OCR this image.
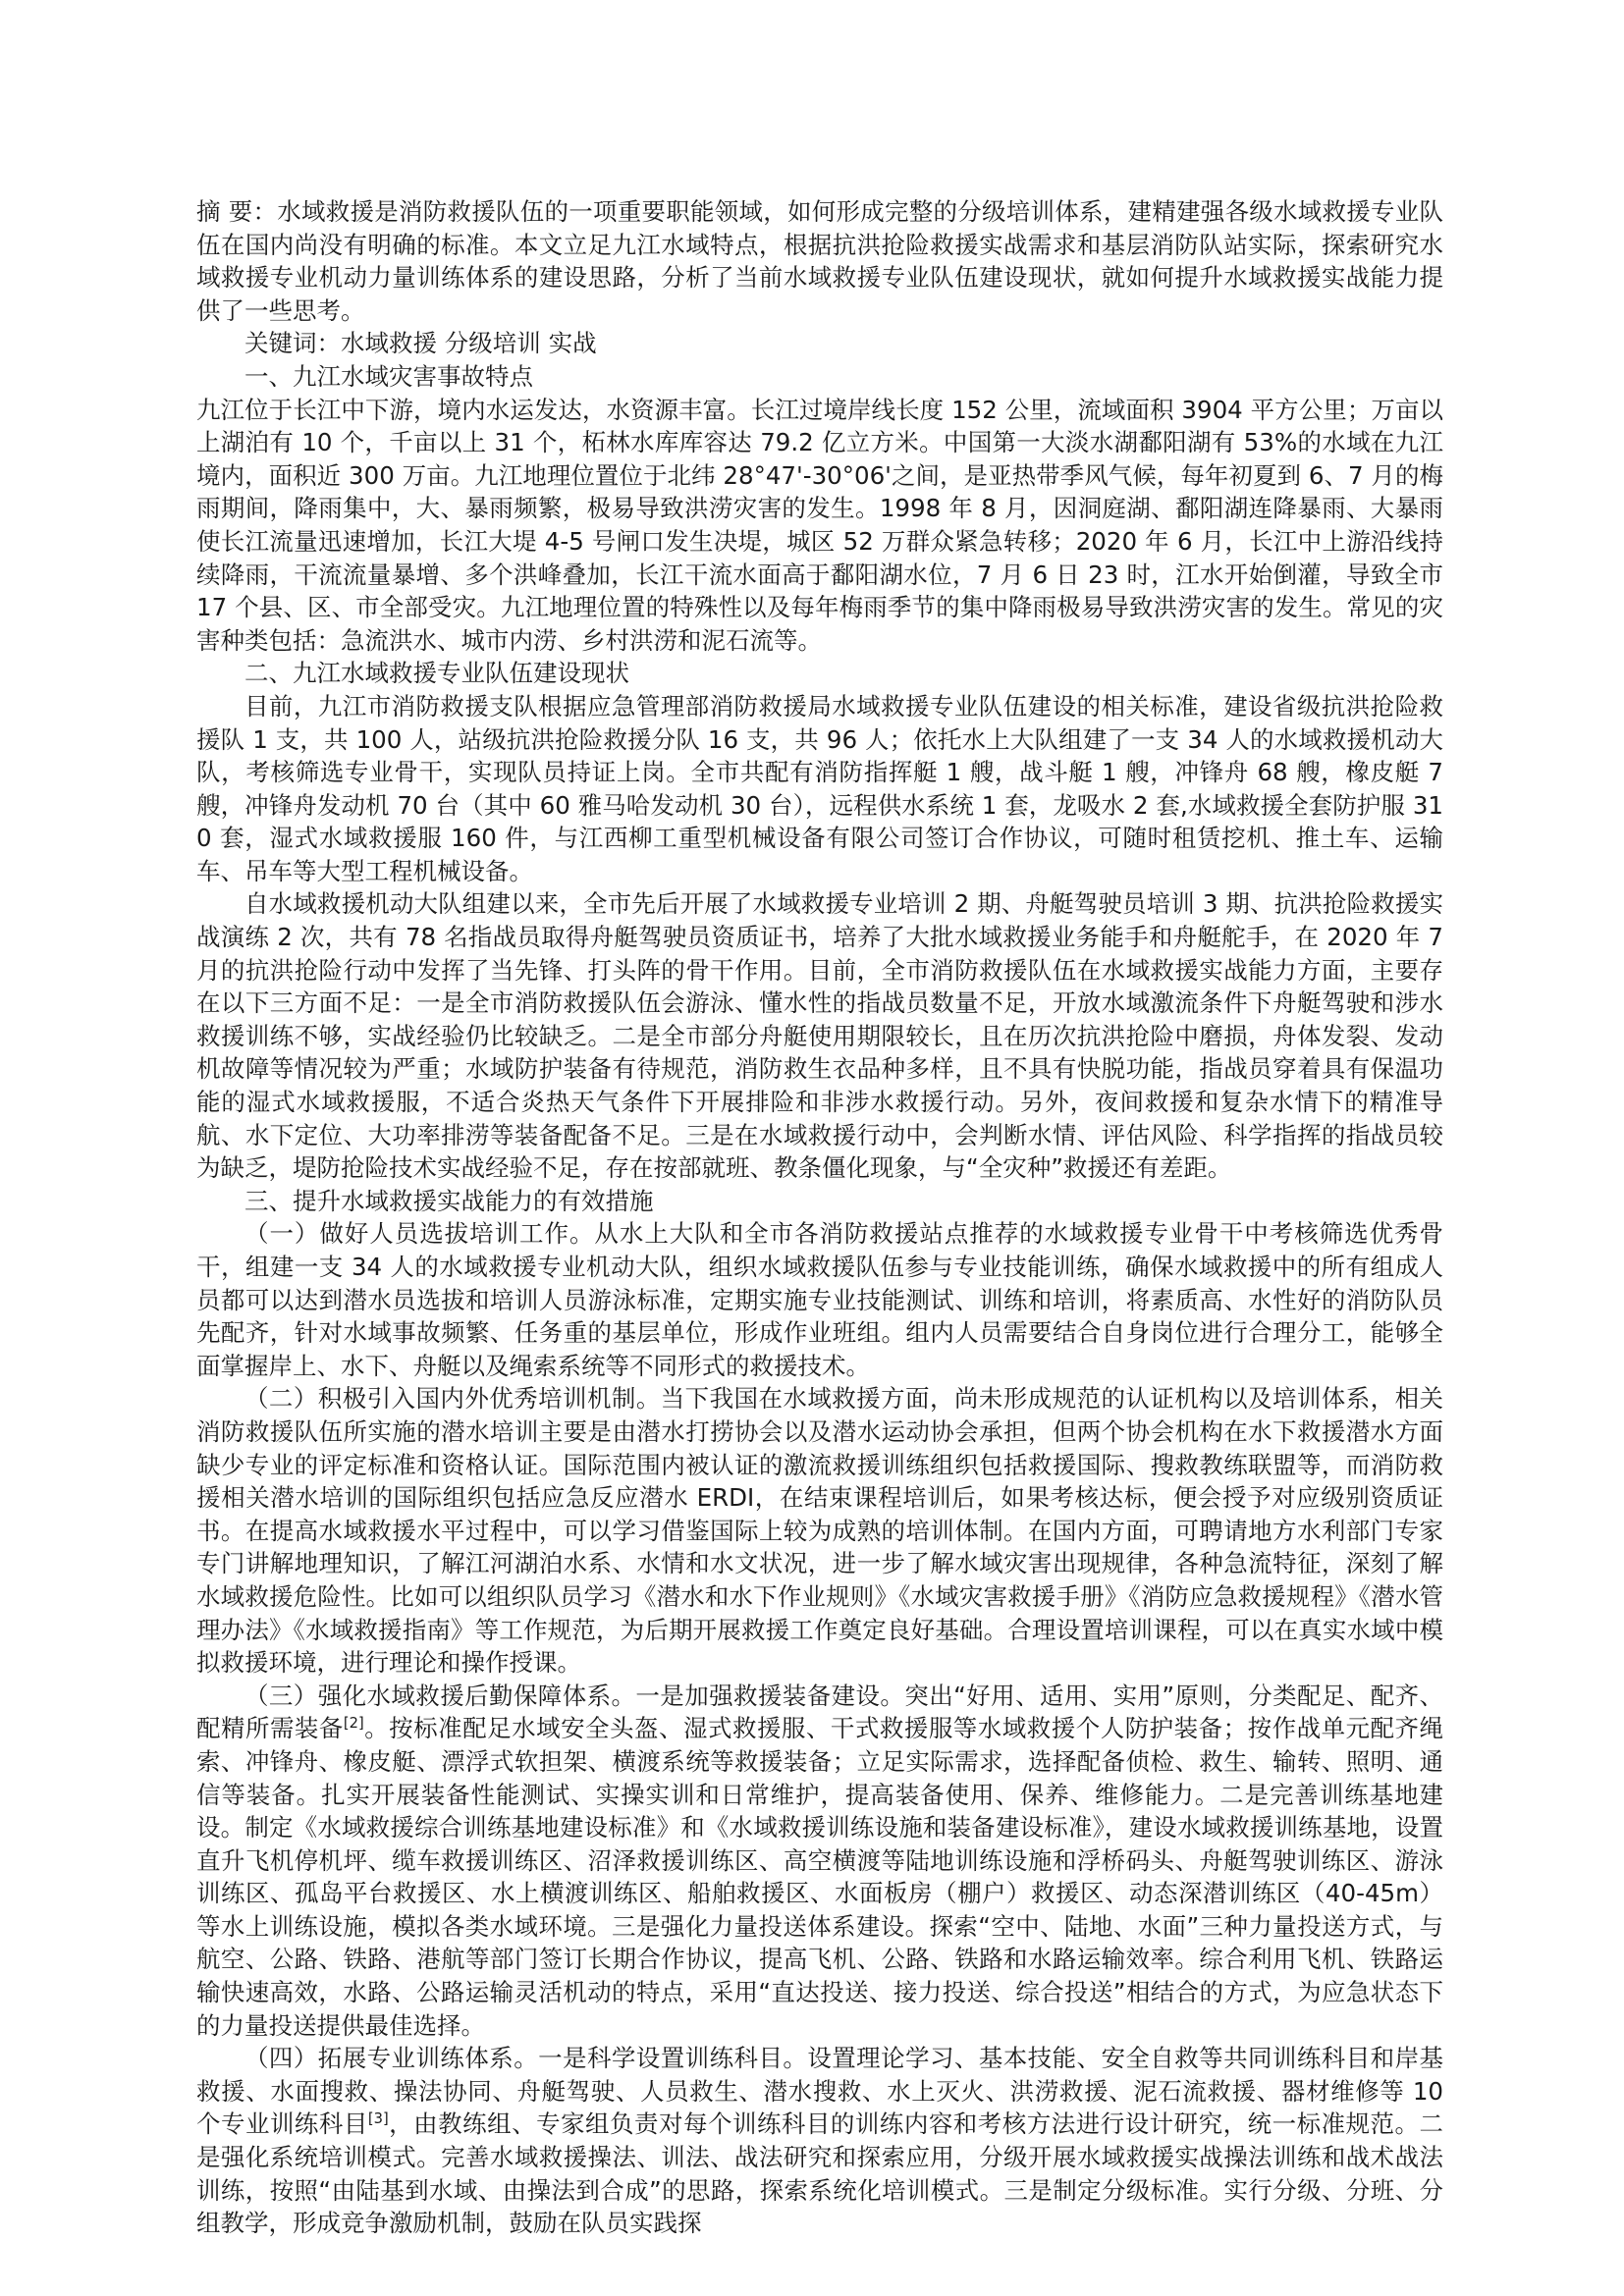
摘 要：水域救援是消防救援队伍的一项重要职能领域，如何形成完整的分级培训体系，建精建强各级水域救援专业队伍在国内尚没有明确的标准。本文立足九江水域特点，根据抗洪抢险救援实战需求和基层消防队站实际，探索研究水域救援专业机动力量训练体系的建设思路，分析了当前水域救援专业队伍建设现状，就如何提升水域救援实战能力提供了一些思考。

关键词：水域救援 分级培训 实战

一、九江水域灾害事故特点

九江位于长江中下游，境内水运发达，水资源丰富。长江过境岸线长度 152 公里，流域面积 3904 平方公里；万亩以上湖泊有 10 个，千亩以上 31 个，柘林水库库容达 79.2 亿立方米。中国第一大淡水湖鄱阳湖有 53%的水域在九江境内，面积近 300 万亩。九江地理位置位于北纬 28°47'-30°06'之间，是亚热带季风气候，每年初夏到 6、7 月的梅雨期间，降雨集中，大、暴雨频繁，极易导致洪涝灾害的发生。1998 年 8 月，因洞庭湖、鄱阳湖连降暴雨、大暴雨使长江流量迅速增加，长江大堤 4-5 号闸口发生决堤，城区 52 万群众紧急转移；2020 年 6 月，长江中上游沿线持续降雨，干流流量暴增、多个洪峰叠加，长江干流水面高于鄱阳湖水位，7 月 6 日 23 时，江水开始倒灌，导致全市 17 个县、区、市全部受灾。九江地理位置的特殊性以及每年梅雨季节的集中降雨极易导致洪涝灾害的发生。常见的灾害种类包括：急流洪水、城市内涝、乡村洪涝和泥石流等。

二、九江水域救援专业队伍建设现状

目前，九江市消防救援支队根据应急管理部消防救援局水域救援专业队伍建设的相关标准，建设省级抗洪抢险救援队 1 支，共 100 人，站级抗洪抢险救援分队 16 支，共 96 人；依托水上大队组建了一支 34 人的水域救援机动大队，考核筛选专业骨干，实现队员持证上岗。全市共配有消防指挥艇 1 艘，战斗艇 1 艘，冲锋舟 68 艘，橡皮艇 7 艘，冲锋舟发动机 70 台（其中 60 雅马哈发动机 30 台），远程供水系统 1 套，龙吸水 2 套,水域救援全套防护服 310 套，湿式水域救援服 160 件，与江西柳工重型机械设备有限公司签订合作协议，可随时租赁挖机、推土车、运输车、吊车等大型工程机械设备。

自水域救援机动大队组建以来，全市先后开展了水域救援专业培训 2 期、舟艇驾驶员培训 3 期、抗洪抢险救援实战演练 2 次，共有 78 名指战员取得舟艇驾驶员资质证书，培养了大批水域救援业务能手和舟艇舵手，在 2020 年 7 月的抗洪抢险行动中发挥了当先锋、打头阵的骨干作用。目前，全市消防救援队伍在水域救援实战能力方面，主要存在以下三方面不足：一是全市消防救援队伍会游泳、懂水性的指战员数量不足，开放水域激流条件下舟艇驾驶和涉水救援训练不够，实战经验仍比较缺乏。二是全市部分舟艇使用期限较长，且在历次抗洪抢险中磨损，舟体发裂、发动机故障等情况较为严重；水域防护装备有待规范，消防救生衣品种多样，且不具有快脱功能，指战员穿着具有保温功能的湿式水域救援服，不适合炎热天气条件下开展排险和非涉水救援行动。另外，夜间救援和复杂水情下的精准导航、水下定位、大功率排涝等装备配备不足。三是在水域救援行动中，会判断水情、评估风险、科学指挥的指战员较为缺乏，堤防抢险技术实战经验不足，存在按部就班、教条僵化现象，与“全灾种”救援还有差距。

三、提升水域救援实战能力的有效措施

（一）做好人员选拔培训工作。从水上大队和全市各消防救援站点推荐的水域救援专业骨干中考核筛选优秀骨干，组建一支 34 人的水域救援专业机动大队，组织水域救援队伍参与专业技能训练，确保水域救援中的所有组成人员都可以达到潜水员选拔和培训人员游泳标准，定期实施专业技能测试、训练和培训，将素质高、水性好的消防队员先配齐，针对水域事故频繁、任务重的基层单位，形成作业班组。组内人员需要结合自身岗位进行合理分工，能够全面掌握岸上、水下、舟艇以及绳索系统等不同形式的救援技术。

（二）积极引入国内外优秀培训机制。当下我国在水域救援方面，尚未形成规范的认证机构以及培训体系，相关消防救援队伍所实施的潜水培训主要是由潜水打捞协会以及潜水运动协会承担，但两个协会机构在水下救援潜水方面缺少专业的评定标准和资格认证。国际范围内被认证的激流救援训练组织包括救援国际、搜救教练联盟等，而消防救援相关潜水培训的国际组织包括应急反应潜水 ERDI，在结束课程培训后，如果考核达标，便会授予对应级别资质证书。在提高水域救援水平过程中，可以学习借鉴国际上较为成熟的培训体制。在国内方面，可聘请地方水利部门专家专门讲解地理知识，了解江河湖泊水系、水情和水文状况，进一步了解水域灾害出现规律，各种急流特征，深刻了解水域救援危险性。比如可以组织队员学习《潜水和水下作业规则》《水域灾害救援手册》《消防应急救援规程》《潜水管理办法》《水域救援指南》等工作规范，为后期开展救援工作奠定良好基础。合理设置培训课程，可以在真实水域中模拟救援环境，进行理论和操作授课。

（三）强化水域救援后勤保障体系。一是加强救援装备建设。突出“好用、适用、实用”原则，分类配足、配齐、配精所需装备[2]。按标准配足水域安全头盔、湿式救援服、干式救援服等水域救援个人防护装备；按作战单元配齐绳索、冲锋舟、橡皮艇、漂浮式软担架、横渡系统等救援装备；立足实际需求，选择配备侦检、救生、输转、照明、通信等装备。扎实开展装备性能测试、实操实训和日常维护，提高装备使用、保养、维修能力。二是完善训练基地建设。制定《水域救援综合训练基地建设标准》和《水域救援训练设施和装备建设标准》，建设水域救援训练基地，设置直升飞机停机坪、缆车救援训练区、沼泽救援训练区、高空横渡等陆地训练设施和浮桥码头、舟艇驾驶训练区、游泳训练区、孤岛平台救援区、水上横渡训练区、船舶救援区、水面板房（棚户）救援区、动态深潜训练区（40-45m）等水上训练设施，模拟各类水域环境。三是强化力量投送体系建设。探索“空中、陆地、水面”三种力量投送方式，与航空、公路、铁路、港航等部门签订长期合作协议，提高飞机、公路、铁路和水路运输效率。综合利用飞机、铁路运输快速高效，水路、公路运输灵活机动的特点，采用“直达投送、接力投送、综合投送”相结合的方式，为应急状态下的力量投送提供最佳选择。

（四）拓展专业训练体系。一是科学设置训练科目。设置理论学习、基本技能、安全自救等共同训练科目和岸基救援、水面搜救、操法协同、舟艇驾驶、人员救生、潜水搜救、水上灭火、洪涝救援、泥石流救援、器材维修等 10 个专业训练科目[3]，由教练组、专家组负责对每个训练科目的训练内容和考核方法进行设计研究，统一标准规范。二是强化系统培训模式。完善水域救援操法、训法、战法研究和探索应用，分级开展水域救援实战操法训练和战术战法训练，按照“由陆基到水域、由操法到合成”的思路，探索系统化培训模式。三是制定分级标准。实行分级、分班、分组教学，形成竞争激励机制，鼓励在队员实践探
